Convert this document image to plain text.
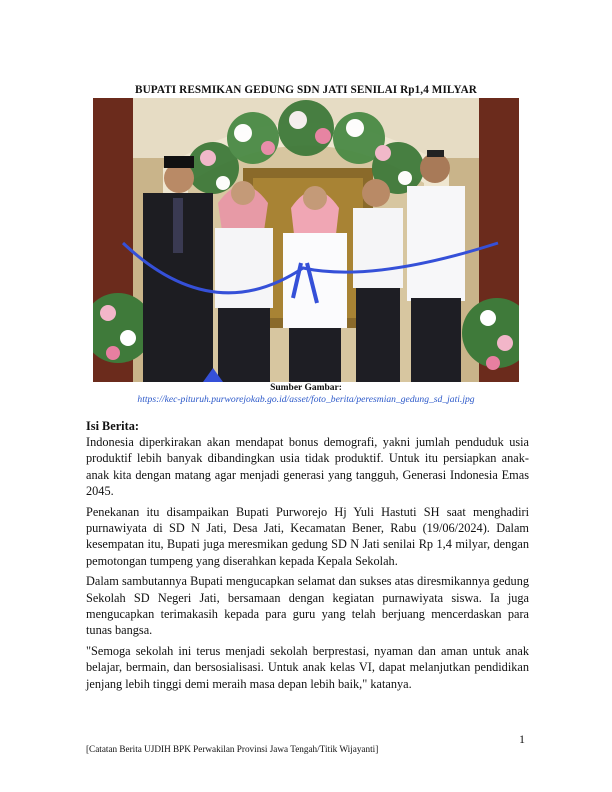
BUPATI RESMIKAN GEDUNG SDN JATI SENILAI Rp1,4 MILYAR
Sumber Gambar:
https://kec-pituruh.purworejokab.go.id/asset/foto_berita/peresmian_gedung_sd_jati.jpg
Isi Berita:

Indonesia diperkirakan akan mendapat bonus demografi, yakni jumlah penduduk usia produktif lebih banyak dibandingkan usia tidak produktif. Untuk itu persiapkan anak-anak kita dengan matang agar menjadi generasi yang tangguh, Generasi Indonesia Emas 2045.

Penekanan itu disampaikan Bupati Purworejo Hj Yuli Hastuti SH saat menghadiri purnawiyata di SD N Jati, Desa Jati, Kecamatan Bener, Rabu (19/06/2024). Dalam kesempatan itu, Bupati juga meresmikan gedung SD N Jati senilai Rp 1,4 milyar, dengan pemotongan tumpeng yang diserahkan kepada Kepala Sekolah.

Dalam sambutannya Bupati mengucapkan selamat dan sukses atas diresmikannya gedung Sekolah SD Negeri Jati, bersamaan dengan kegiatan purnawiyata siswa. Ia juga mengucapkan terimakasih kepada para guru yang telah berjuang mencerdaskan para tunas bangsa.

"Semoga sekolah ini terus menjadi sekolah berprestasi, nyaman dan aman untuk anak belajar, bermain, dan bersosialisasi. Untuk anak kelas VI, dapat melanjutkan pendidikan jenjang lebih tinggi demi meraih masa depan lebih baik," katanya.

1
[Catatan Berita UJDIH BPK Perwakilan Provinsi Jawa Tengah/Titik Wijayanti]
